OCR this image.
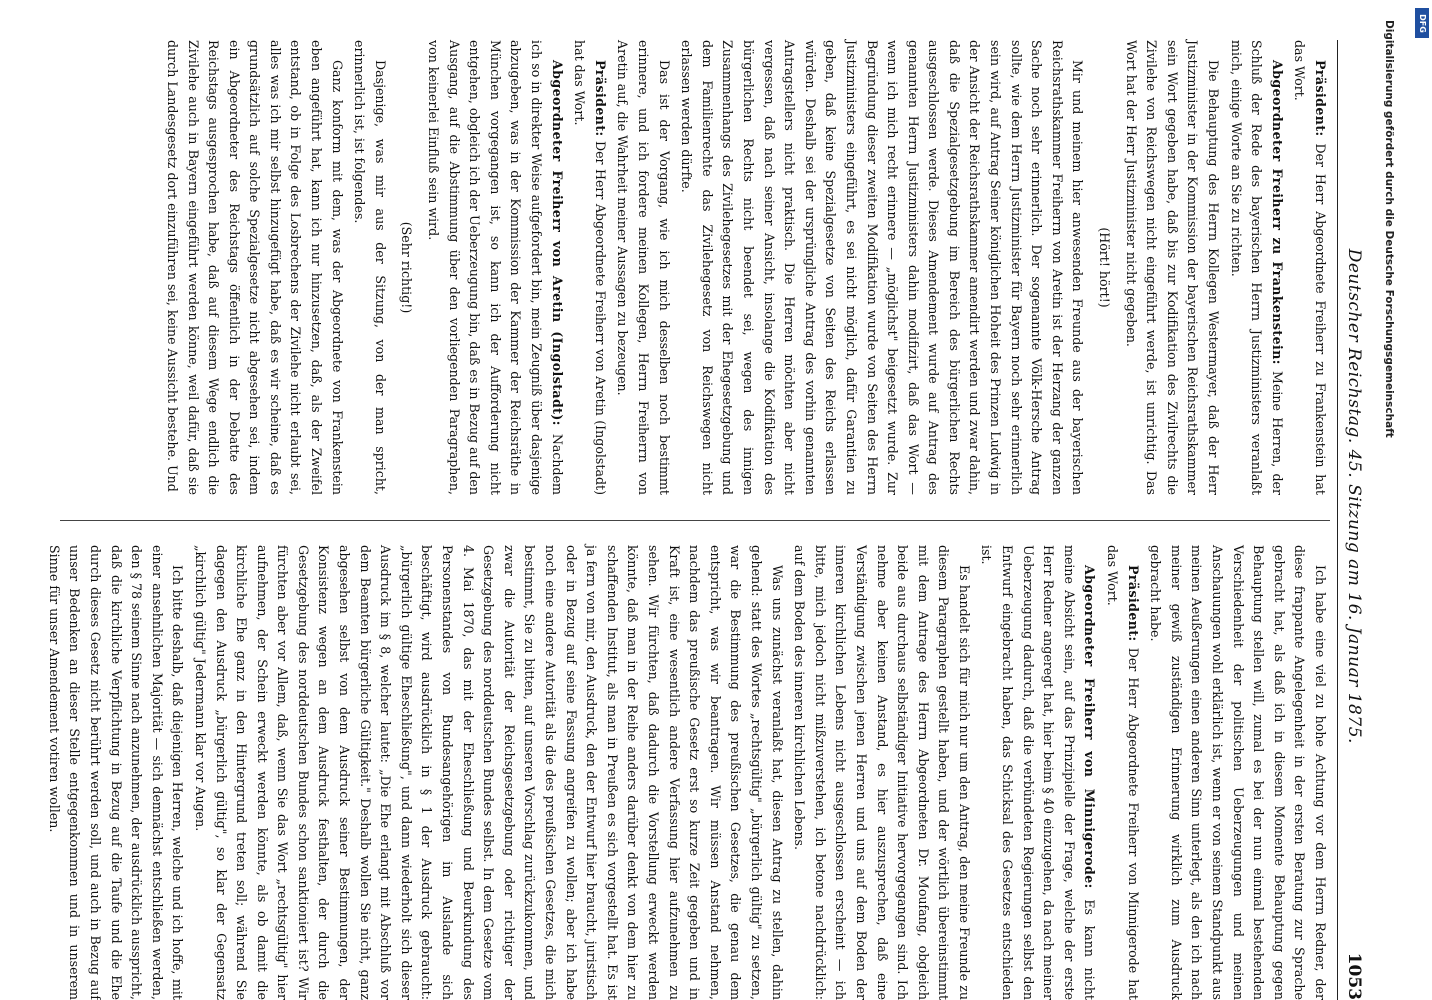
Deutscher Reichstag. 45. Sitzung am 16. Januar 1875.
1053

Ich habe eine viel zu hohe Achtung vor dem Herrn Redner, der diese frappante Angelegenheit in der ersten Beratung zur Sprache gebracht hat, als daß ich in diesem Momente Behauptung gegen Behauptung stellen will, zumal es bei der nun einmal bestehenden Verschiedenheit der politischen Ueberzeugungen und meinen Anschauungen wohl erklärlich ist, wenn er von seinem Standpunkt aus meinen Aeußerungen einen anderen Sinn unterlegt, als den ich nach meiner gewiß zuständigen Erinnerung wirklich zum Ausdruck gebracht habe.

Präsident: Der Herr Abgeordnete Freiherr von Minnigerode hat das Wort.

Abgeordneter Freiherr von Minnigerode: Es kann nicht meine Absicht sein, auf das Prinzipielle der Frage, welche der erste Herr Redner angeregt hat, hier beim § 40 einzugehen, da nach meiner Ueberzeugung dadurch, daß die verbündeten Regierungen selbst den Entwurf eingebracht haben, das Schicksal des Gesetzes entschieden ist.

Es handelt sich für mich nur um den Antrag, den meine Freunde zu diesem Paragraphen gestellt haben, und der wörtlich übereinstimmt mit dem Antrage des Herrn Abgeordneten Dr. Moufang, obgleich beide aus durchaus selbständiger Initiative hervorgegangen sind. Ich nehme aber keinen Anstand, es hier auszusprechen, daß eine Verständigung zwischen jenen Herren und uns auf dem Boden der inneren kirchlichen Lebens nicht ausgeschlossen erscheint — ich bitte, mich jedoch nicht mißzuverstehen, ich betone nachdrücklich: auf dem Boden des inneren kirchlichen Lebens.

Was uns zunächst veranlaßt hat, diesen Antrag zu stellen, dahin gehend: statt des Wortes „rechtsgültig" „bürgerlich gültig" zu setzen, war die Bestimmung des preußischen Gesetzes, die genau dem entspricht, was wir beantragen. Wir müssen Anstand nehmen, nachdem das preußische Gesetz erst so kurze Zeit gegeben und in Kraft ist, eine wesentlich andere Verfassung hier aufzunehmen zu sehen. Wir fürchten, daß dadurch die Vorstellung erweckt werden könnte, daß man in der Reihe anders darüber denkt von dem hier zu schaffenden Institut, als man in Preußen es sich vorgestellt hat. Es ist ja fern von mir, den Ausdruck, den der Entwurf hier braucht, juristisch oder in Bezug auf seine Fassung angreifen zu wollen; aber ich habe noch eine andere Autorität als die des preußischen Gesetzes, die mich bestimmt, Sie zu bitten, auf unseren Vorschlag zurückzukommen, und zwar die Autorität der Reichsgesetzgebung oder richtiger der Gesetzgebung des norddeutschen Bundes selbst. In dem Gesetze vom 4. Mai 1870, das mit der Eheschließung und Beurkundung des Personenstandes von Bundesangehörigen im Auslande sich beschäftigt, wird ausdrücklich in § 1 der Ausdruck gebraucht: „bürgerlich gültige Eheschließung", und dann wiederholt sich dieser Ausdruck im § 8, welcher lautet: „Die Ehe erlangt mit Abschluß vor dem Beamten bürgerliche Gültigkeit." Deshalb wollen Sie nicht, ganz abgesehen selbst von dem Ausdruck seiner Bestimmungen, der Konsistenz wegen an dem Ausdruck festhalten, der durch die Gesetzgebung des norddeutschen Bundes schon sanktioniert ist? Wir fürchten aber vor Allem, daß, wenn Sie das Wort „rechtsgültig" hier aufnehmen, der Schein erweckt werden könnte, als ob damit die kirchliche Ehe ganz in den Hintergrund treten soll; während Sie dagegen den Ausdruck „bürgerlich gültig", so klar der Gegensatz „kirchlich gültig" Jedermann klar vor Augen.

Ich bitte deshalb, daß diejenigen Herren, welche und ich hoffe, mit einer ansehnlichen Majorität — sich demnächst entschließen werden, den § 78 seinem Sinne nach anzunehmen, der ausdrücklich ausspricht, daß die kirchliche Verpflichtung in Bezug auf die Taufe und die Ehe durch dieses Gesetz nicht berührt werden soll, und auch in Bezug auf unser Bedenken an dieser Stelle entgegenkommen und in unserem Sinne für unser Amendement votiren wollen.

Präsident: Der Herr Abgeordnete Freiherr zu Frankenstein hat das Wort.

Abgeordneter Freiherr zu Frankenstein: Meine Herren, der Schluß der Rede des bayerischen Herrn Justizministers veranlaßt mich, einige Worte an Sie zu richten.

Die Behauptung des Herrn Kollegen Westermayer, daß der Herr Justizminister in der Kommission der bayerischen Reichsrathskammer sein Wort gegeben habe, daß bis zur Kodifikation des Zivilrechts die Zivilehe von Reichswegen nicht eingeführt werde, ist unrichtig. Das Wort hat der Herr Justizminister nicht gegeben.

(Hört! hört!)

Mir und meinem hier anwesenden Freunde aus der bayerischen Reichsrathskammer Freiherrn von Aretin ist der Herzang der ganzen Sache noch sehr erinnerlich. Der sogenannte Völk-Hersche Antrag sollte, wie dem Herrn Justizminister für Bayern noch sehr erinnerlich sein wird, auf Antrag Seiner königlichen Hoheit des Prinzen Ludwig in der Ansicht der Reichsrathskammer amendirt werden und zwar dahin, daß die Spezialgesetzgebung im Bereich des bürgerlichen Rechts ausgeschlossen werde. Dieses Amendement wurde auf Antrag des genannten Herrn Justizministers dahin modifizirt, daß das Wort — wenn ich mich recht erinnere — „möglichst" beigesetzt wurde. Zur Begründung dieser zweiten Modifikation wurde von Seiten des Herrn Justizministers eingeführt, es sei nicht möglich, dafür Garantien zu geben, daß keine Spezialgesetze von Seiten des Reichs erlassen würden. Deshalb sei der ursprüngliche Antrag des vorhin genannten Antragstellers nicht praktisch. Die Herren möchten aber nicht vergessen, daß nach seiner Ansicht, insolange die Kodifikation des bürgerlichen Rechts nicht beendet sei, wegen des innigen Zusammenhangs des Zivilehegesetzes mit der Ehegesetzgebung und dem Familienrechte das Zivilehegesetz von Reichswegen nicht erlassen werden dürfte.

Das ist der Vorgang, wie ich mich desselben noch bestimmt erinnere, und ich fordere meinen Kollegen, Herrn Freiherrn von Aretin auf, die Wahrheit meiner Aussagen zu bezeugen.

Präsident: Der Herr Abgeordnete Freiherr von Aretin (Ingolstadt) hat das Wort.

Abgeordneter Freiherr von Aretin (Ingolstadt): Nachdem ich so in direkter Weise aufgefordert bin, mein Zeugniß über dasjenige abzugeben, was in der Kommission der Kammer der Reichsräthe in München vorgegangen ist, so kann ich der Aufforderung nicht entgehen, obgleich ich der Ueberzeugung bin, daß es in Bezug auf den Ausgang, auf die Abstimmung über den vorliegenden Paragraphen, von keinerlei Einfluß sein wird.

(Sehr richtig!)

Dasjenige, was mir aus der Sitzung, von der man spricht, erinnerlich ist, ist folgendes.

Ganz konform mit dem, was der Abgeordnete von Frankenstein eben angeführt hat, kann ich nur hinzusetzen, daß, als der Zweifel entstand, ob in Folge des Losbrechens der Zivilehe nicht erlaubt sei, alles was ich mir selbst hinzugefügt habe, daß es wir scheine, daß es grundsätzlich auf solche Spezialgesetze nicht abgesehen sei, indem ein Abgeordneter des Reichstags öffentlich in der Debatte des Reichstags ausgesprochen habe, daß auf diesem Wege endlich die Zivilehe auch in Bayern eingeführt werden könne, weil dafür, daß sie durch Landesgesetz dort einzuführen sei, keine Aussicht bestehe. Und	Digitalisierung gefördert durch die Deutsche Forschungsgemeinschaft	DFG
